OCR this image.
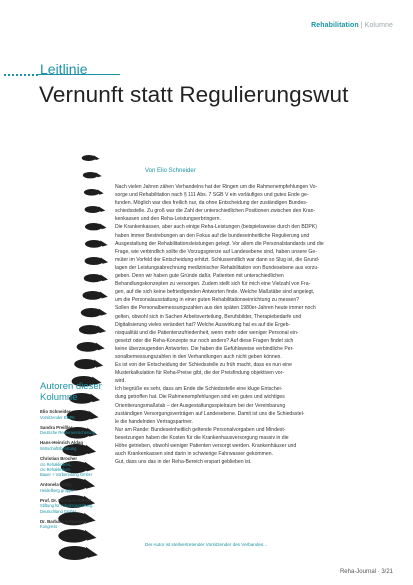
Rehabilitation | Kolumne
Leitlinie
Vernunft statt Regulierungswut
Von Elio Schneider

Nach vielen Jahren zähen Verhandelns hat der Ringen um die Rahmenempfehlungen Vo-
sorge und Rehabilitation nach § 111 Abs. 7 SGB V ein vorläufiges und gutes Ende ge-
funden. Möglich war dies freilich nur, da ohne Entscheidung der zuständigen Bundes-
schiedsstelle. Zu groß war die Zahl der unterschiedlichen Positionen zwischen den Kran-
kenkassen und den Reha-Leistungserbringern.

Die Krankenkassen, aber auch einige Reha-Leistungen (beispielsweise durch den BDPK)
haben immer Bestrebungen an den Fokus auf die bundeseinheitliche Regulierung und
Ausgestaltung der Rehabilitationsleistungen gelegt. Vor allem die Personalstandards und die
Frage, wie verbindlich sollte die Vorzugsgrenze auf Landesebene sind, haben unsere Ge-
müter im Vorfeld der Entscheidung erhitzt. Schlussendlich war dann so Slug ist, die Grund-
lagen der Leistungsabrechnung medizinischer Rehabilitation von Bundesebene aus vorzu-
geben. Denn wir haben gute Gründe dafür, Patienten mit unterschiedlichen
Behandlungskonzepten zu versorgen. Zudem stellt sich für mich eine Vielzahl von Fra-
gen, auf die sich keine befriedigenden Antworten finde. Welche Maßstäbe sind angelegt,
um die Personalausstattung in einer guten Rehabilitationseinrichtung zu messen?
Sollen die Personalbemessungszahlen aus den späten 1980er-Jahren heute immer noch
gelten, obwohl sich in Sachen Arbeitsverteilung, Berufsbilder, Therapiebedarfe und
Digitalisierung vieles verändert hat? Welche Auswirkung hat es auf die Ergeb-
nisqualität und die Patientenzufriedenheit, wenn mehr oder weniger Personal ein-
gesetzt oder die Reha-Konzepte nur noch anders? Auf diese Fragen findet sich
keine überzeugenden Antworten. Die haben die Gefühlsweise verbindliche Per-
sonalbemessungszahlen in den Verhandlungen auch nicht geben können.
Es ist von der Entscheidung der Schiedsstelle zu früh macht, dass es nun eine
Musterkalkulation für Reha-Preise gibt, die der Preisfindung objektiven vor-
wird.

Ich begrüße es sehr, dass am Ende die Schiedsstelle eine kluge Entschei-
dung getroffen hat. Die Rahmenempfehlungen sind ein gutes und wichtiges
Orientierungsmaßstab – der Ausgestaltungsspielraum bei der Vereinbarung
zuständigen Versorgungsverträgen auf Landesebene. Damit ist uns die Schiedsstel-
le die handelnden Vertragspartner.

Nur am Rande: Bundeseinheitlich geltende Personalvorgaben und Mindest-
besetzungen haben die Kosten für die Krankenhausversorgung massiv in die
Höhe getrieben, obwohl weniger Patienten versorgt werden. Krankenhäuser und
auch Krankenkassen sind darin in schwierige Fahrwasser gekommen.
Gut, dass uns das in der Reha-Bereich erspart geblieben ist.

Der Autor ist stellvertretender Vorsitzender des Verbandes...
Autoren dieser
Kolumne
Elio Schneider
Vorsitzender BDPK
Sandra Preißler
Deutsche Rentenversicherung
Hans-Heinrich Aldag
Wirtschaftsberatung
Christian Brocher
c/o Rehakliniken,
c/o Rehakliniken
Bauer + Vorbereitung GmbH
Antonela Schly
Heidelberg gruppe
Prof. Dr. Matthias Köhler
Stiftung für Arbeitsgestaltung
Deutschland GmbH
Dr. Barbara Kemmerey
Kongress
Reha-Journal · 3/21
